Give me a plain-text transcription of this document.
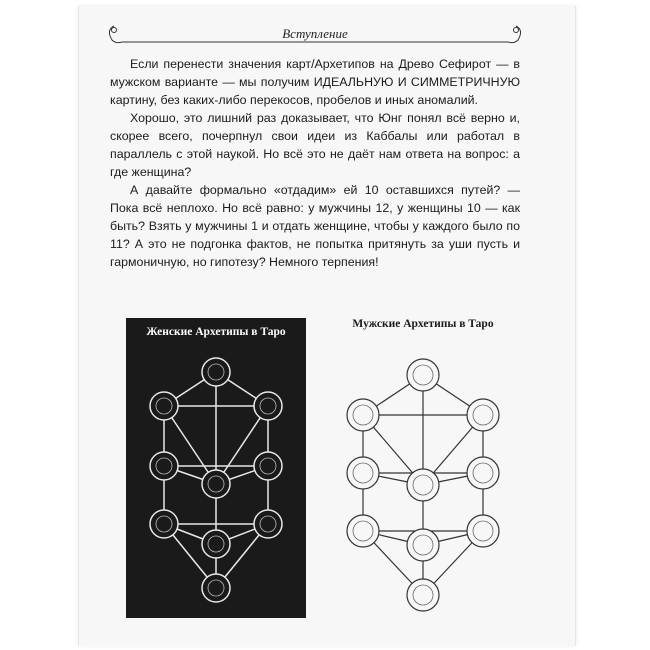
Вступление

Если перенести значения карт/Архетипов на Древо Сефирот — в мужском варианте — мы получим ИДЕАЛЬНУЮ И СИММЕТРИЧНУЮ картину, без каких-либо перекосов, пробелов и иных аномалий.

Хорошо, это лишний раз доказывает, что Юнг понял всё верно и, скорее всего, почерпнул свои идеи из Каббалы или работал в параллель с этой наукой. Но всё это не даёт нам ответа на вопрос: а где женщина?

А давайте формально «отдадим» ей 10 оставшихся путей? — Пока всё неплохо. Но всё равно: у мужчины 12, у женщины 10 — как быть? Взять у мужчины 1 и отдать женщине, чтобы у каждого было по 11? А это не подгонка фактов, не попытка притянуть за уши пусть и гармоничную, но гипотезу? Немного терпения!

Женские Архетипы в Таро
Мужские Архетипы в Таро
